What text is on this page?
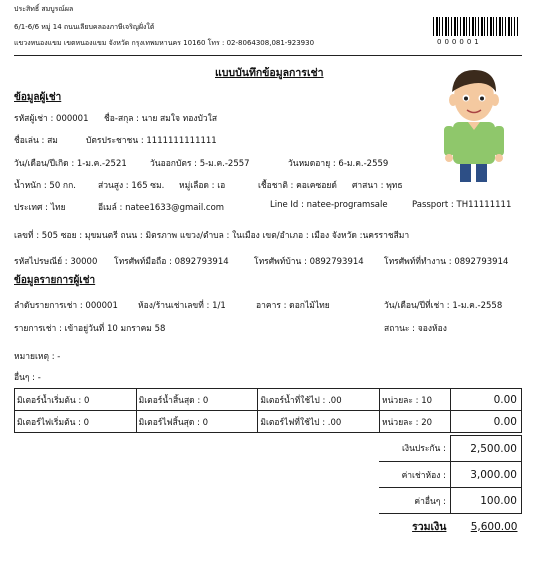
ประสิทธิ์ สมบูรณ์ผล
6/1-6/6 หมู่ 14 ถนนเลียบคลองภาษีเจริญฝั่งใต้
แขวงหนองแขม เขตหนองแขม จังหวัด กรุงเทพมหานคร 10160 โทร : 02-8064308,081-923930	000001
แบบบันทึกข้อมูลการเช่า
ข้อมูลผู้เช่า
รหัสผู้เช่า : 000001 ชื่อ-สกุล : นาย สมใจ ทองบัวใส
ชื่อเล่น : สม	บัตรประชาชน : 1111111111111
วัน/เดือน/ปีเกิด : 1-ม.ค.-2521	วันออกบัตร : 5-ม.ค.-2557	วันหมดอายุ : 6-ม.ค.-2559
น้ำหนัก : 50 กก.	ส่วนสูง : 165 ซม. หมู่เลือด : เอ	เชื้อชาติ : คอเคซอยด์ ศาสนา : พุทธ
ประเทศ : ไทย	อีเมล์ : natee1633@gmail.com	Line Id : natee-programsale	Passport : TH11111111
เลขที่ : 505 ซอย : มุขมนตรี ถนน : มิตรภาพ แขวง/ตำบล : ในเมือง เขต/อำเภอ : เมือง จังหวัด :นครราชสีมา
รหัสไปรษณีย์ : 30000 โทรศัพท์มือถือ : 0892793914	โทรศัพท์บ้าน : 0892793914 โทรศัพท์ที่ทำงาน : 0892793914
ข้อมูลรายการผู้เช่า
ลำดับรายการเช่า : 000001 ห้อง/ร้านเช่าเลขที่ : 1/1	อาคาร : ดอกไม้ไทย	วัน/เดือน/ปีที่เช่า : 1-ม.ค.-2558
รายการเช่า : เข้าอยู่วันที่ 10 มกราคม 58	สถานะ : จองห้อง
หมายเหตุ : -
อื่นๆ : -
มิเตอร์น้ำเริ่มต้น : 0	มิเตอร์น้ำสิ้นสุด : 0	มิเตอร์น้ำที่ใช้ไป : .00	หน่วยละ : 10	0.00
มิเตอร์ไฟเริ่มต้น : 0	มิเตอร์ไฟสิ้นสุด : 0	มิเตอร์ไฟที่ใช้ไป : .00	หน่วยละ : 20	0.00
	เงินประกัน :	2,500.00
	ค่าเช่าห้อง :	3,000.00
	ค่าอื่นๆ :	100.00
	รวมเงิน	5,600.00
